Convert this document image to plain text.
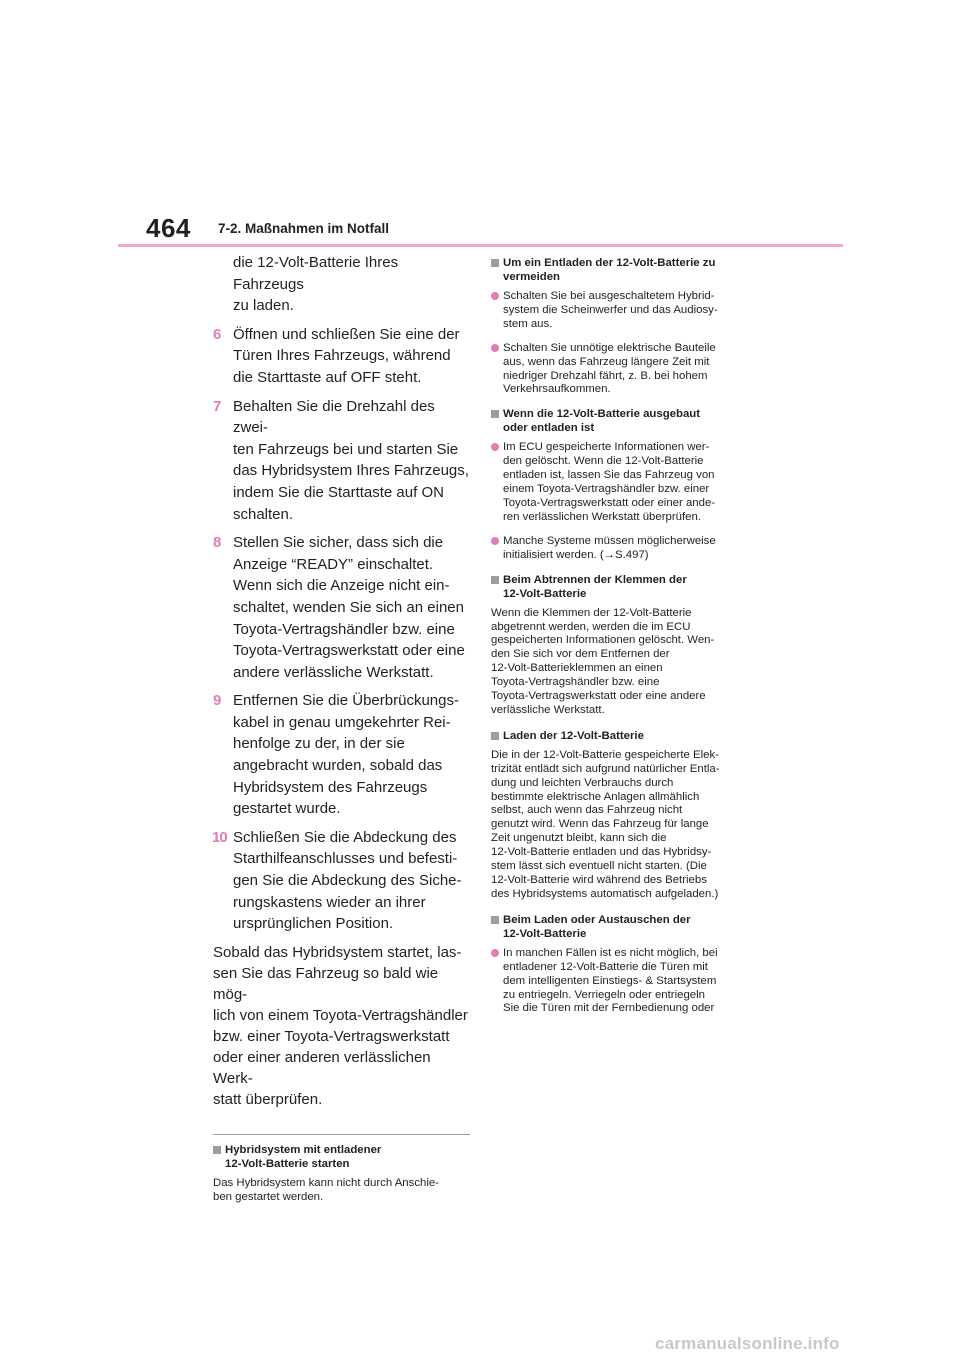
464 7-2. Maßnahmen im Notfall
die 12-Volt-Batterie Ihres Fahrzeugs
zu laden.
6 Öffnen und schließen Sie eine der
Türen Ihres Fahrzeugs, während
die Starttaste auf OFF steht.
7 Behalten Sie die Drehzahl des zwei-
ten Fahrzeugs bei und starten Sie
das Hybridsystem Ihres Fahrzeugs,
indem Sie die Starttaste auf ON
schalten.
8 Stellen Sie sicher, dass sich die
Anzeige “READY” einschaltet.
Wenn sich die Anzeige nicht ein-
schaltet, wenden Sie sich an einen
Toyota-Vertragshändler bzw. eine
Toyota-Vertragswerkstatt oder eine
andere verlässliche Werkstatt.
9 Entfernen Sie die Überbrückungs-
kabel in genau umgekehrter Rei-
henfolge zu der, in der sie
angebracht wurden, sobald das
Hybridsystem des Fahrzeugs
gestartet wurde.
10 Schließen Sie die Abdeckung des
Starthilfeanschlusses und befesti-
gen Sie die Abdeckung des Siche-
rungskastens wieder an ihrer
ursprünglichen Position.
Sobald das Hybridsystem startet, las-
sen Sie das Fahrzeug so bald wie mög-
lich von einem Toyota-Vertragshändler
bzw. einer Toyota-Vertragswerkstatt
oder einer anderen verlässlichen Werk-
statt überprüfen.
Hybridsystem mit entladener
12-Volt-Batterie starten
Das Hybridsystem kann nicht durch Anschie-
ben gestartet werden.
Um ein Entladen der 12-Volt-Batterie zu
vermeiden
Schalten Sie bei ausgeschaltetem Hybrid-
system die Scheinwerfer und das Audiosy-
stem aus.
Schalten Sie unnötige elektrische Bauteile
aus, wenn das Fahrzeug längere Zeit mit
niedriger Drehzahl fährt, z. B. bei hohem
Verkehrsaufkommen.
Wenn die 12-Volt-Batterie ausgebaut
oder entladen ist
Im ECU gespeicherte Informationen wer-
den gelöscht. Wenn die 12-Volt-Batterie
entladen ist, lassen Sie das Fahrzeug von
einem Toyota-Vertragshändler bzw. einer
Toyota-Vertragswerkstatt oder einer ande-
ren verlässlichen Werkstatt überprüfen.
Manche Systeme müssen möglicherweise
initialisiert werden. (→S.497)
Beim Abtrennen der Klemmen der
12-Volt-Batterie
Wenn die Klemmen der 12-Volt-Batterie
abgetrennt werden, werden die im ECU
gespeicherten Informationen gelöscht. Wen-
den Sie sich vor dem Entfernen der
12-Volt-Batterieklemmen an einen
Toyota-Vertragshändler bzw. eine
Toyota-Vertragswerkstatt oder eine andere
verlässliche Werkstatt.
Laden der 12-Volt-Batterie
Die in der 12-Volt-Batterie gespeicherte Elek-
trizität entlädt sich aufgrund natürlicher Entla-
dung und leichten Verbrauchs durch
bestimmte elektrische Anlagen allmählich
selbst, auch wenn das Fahrzeug nicht
genutzt wird. Wenn das Fahrzeug für lange
Zeit ungenutzt bleibt, kann sich die
12-Volt-Batterie entladen und das Hybridsy-
stem lässt sich eventuell nicht starten. (Die
12-Volt-Batterie wird während des Betriebs
des Hybridsystems automatisch aufgeladen.)
Beim Laden oder Austauschen der
12-Volt-Batterie
In manchen Fällen ist es nicht möglich, bei
entladener 12-Volt-Batterie die Türen mit
dem intelligenten Einstiegs- & Startsystem
zu entriegeln. Verriegeln oder entriegeln
Sie die Türen mit der Fernbedienung oder
carmanualsonline.info
